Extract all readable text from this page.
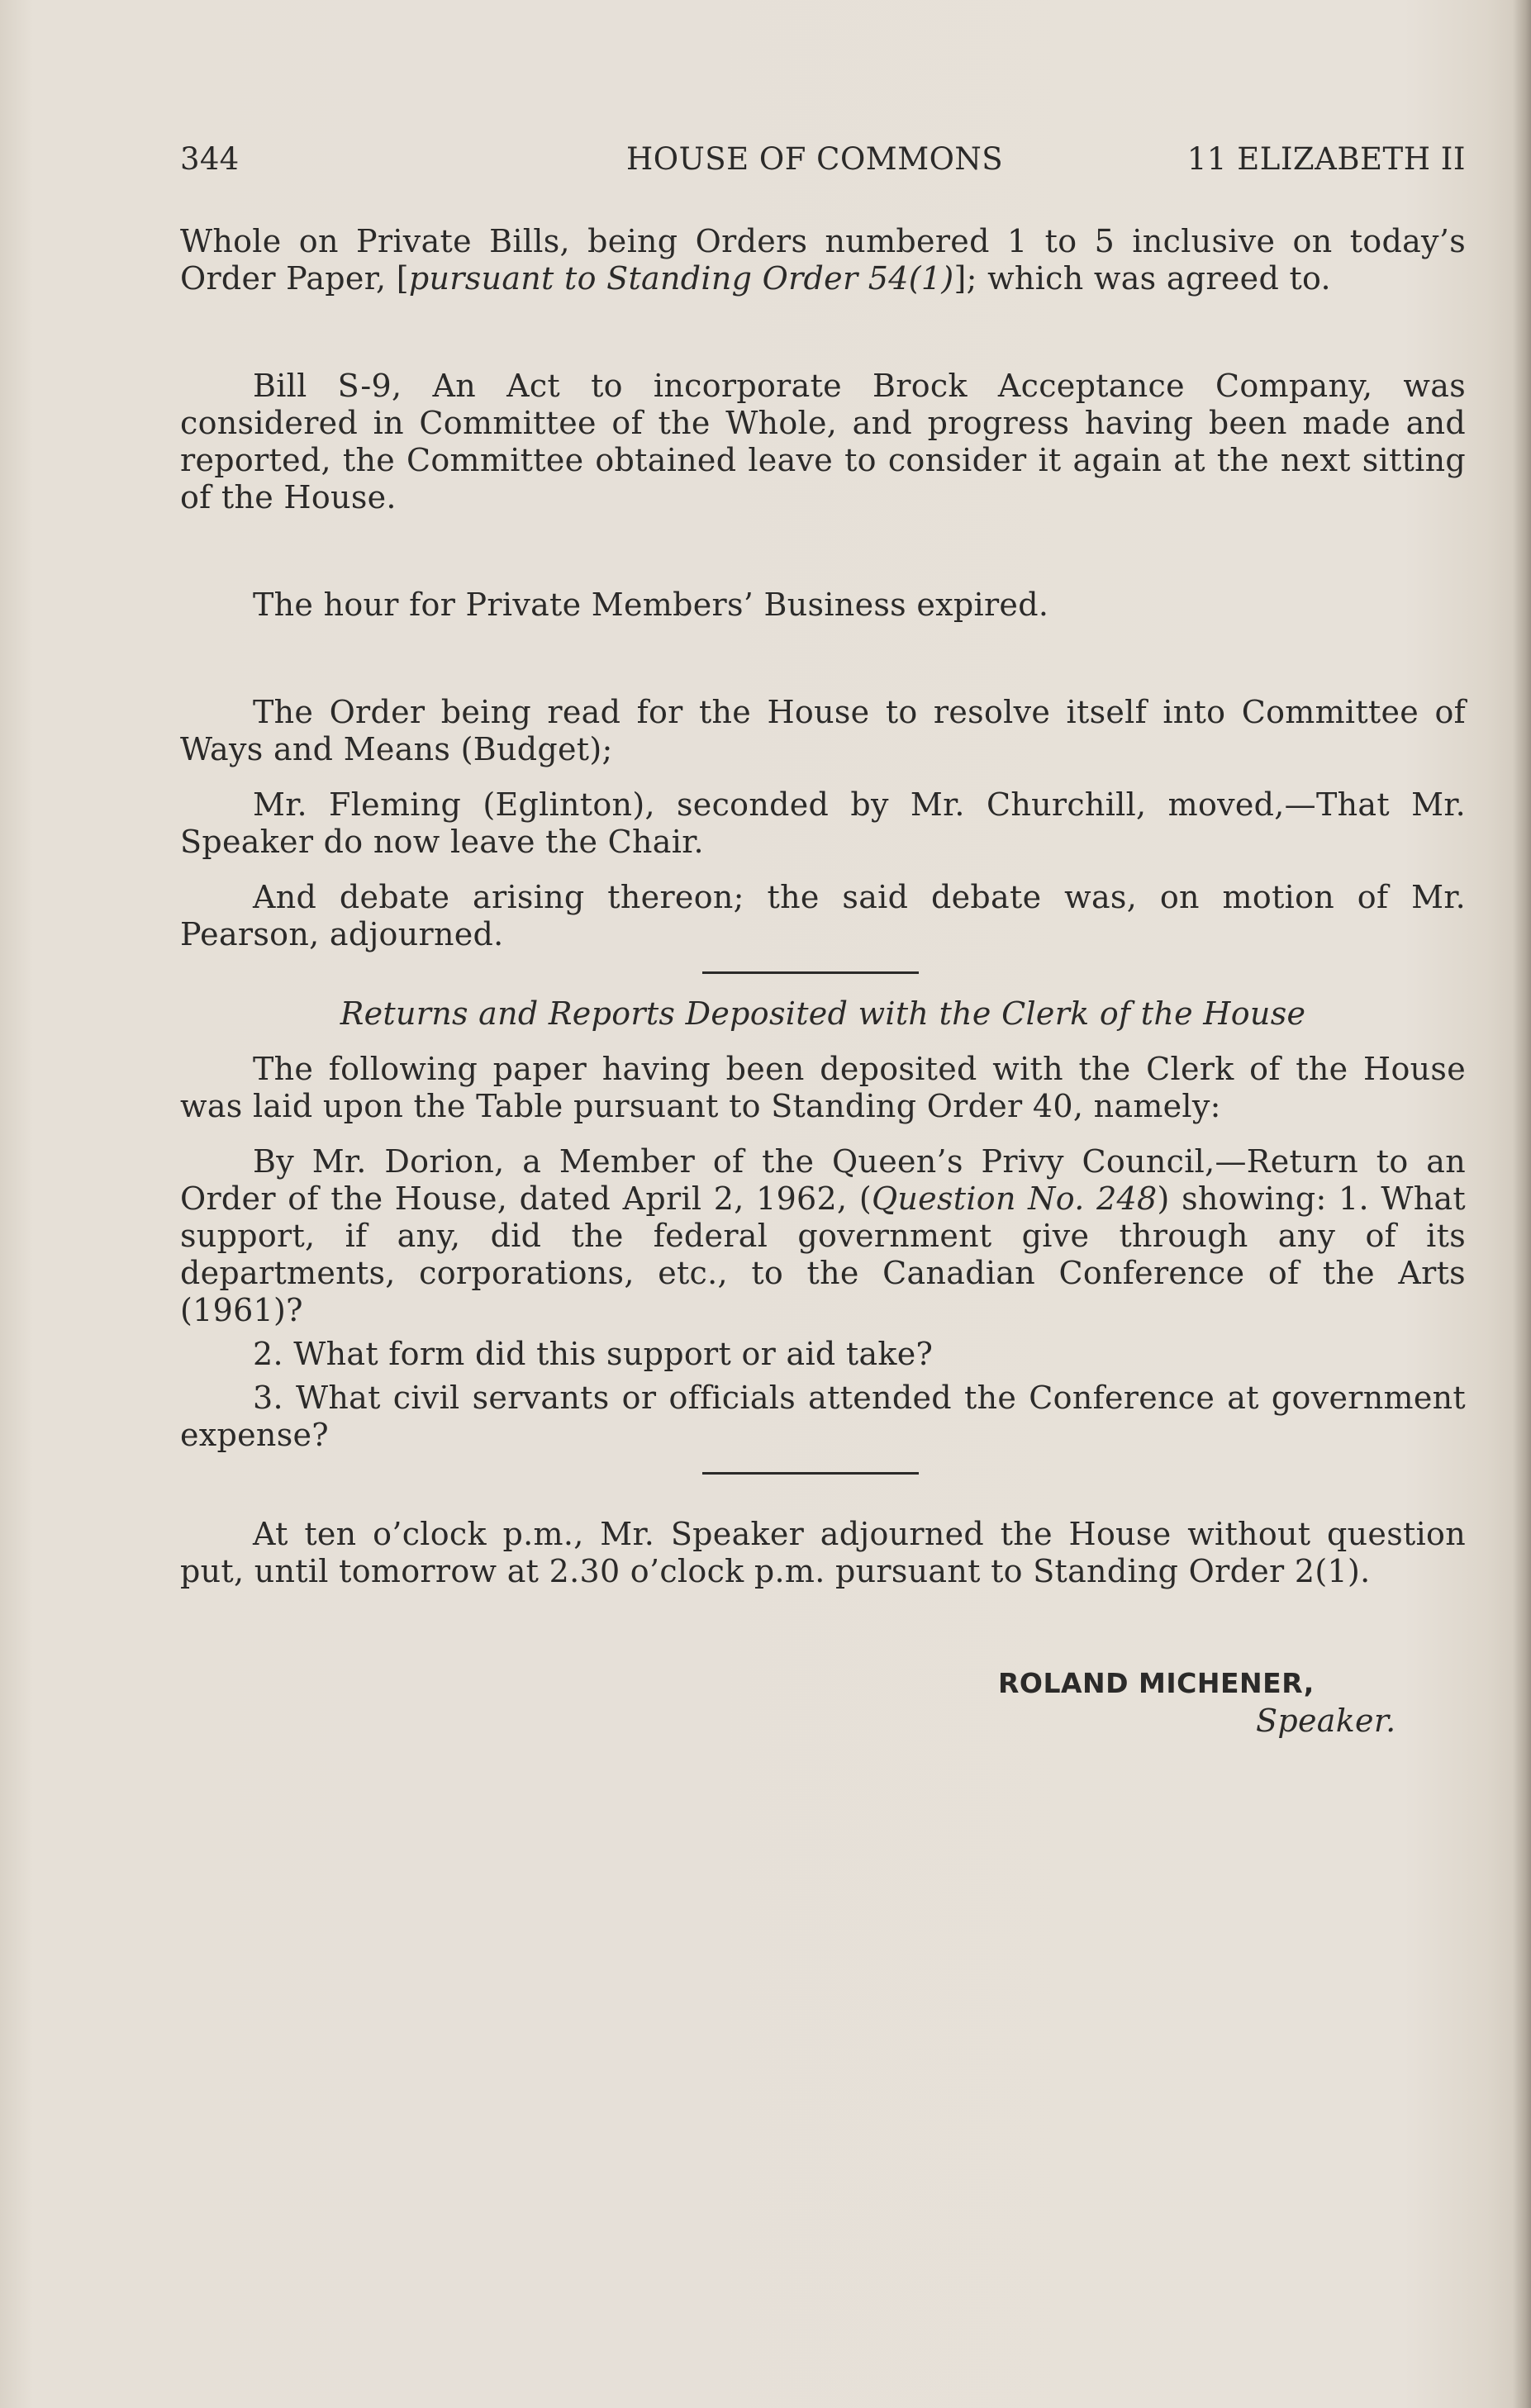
344	HOUSE OF COMMONS	11 ELIZABETH II

Whole on Private Bills, being Orders numbered 1 to 5 inclusive on today’s Order Paper, [pursuant to Standing Order 54(1)]; which was agreed to.

Bill S-9, An Act to incorporate Brock Acceptance Company, was considered in Committee of the Whole, and progress having been made and reported, the Committee obtained leave to consider it again at the next sitting of the House.

The hour for Private Members’ Business expired.

The Order being read for the House to resolve itself into Committee of Ways and Means (Budget);

Mr. Fleming (Eglinton), seconded by Mr. Churchill, moved,—That Mr. Speaker do now leave the Chair.

And debate arising thereon; the said debate was, on motion of Mr. Pearson, adjourned.

Returns and Reports Deposited with the Clerk of the House

The following paper having been deposited with the Clerk of the House was laid upon the Table pursuant to Standing Order 40, namely:

By Mr. Dorion, a Member of the Queen’s Privy Council,—Return to an Order of the House, dated April 2, 1962, (Question No. 248) showing: 1. What support, if any, did the federal government give through any of its departments, corporations, etc., to the Canadian Conference of the Arts (1961)?

2. What form did this support or aid take?

3. What civil servants or officials attended the Conference at government expense?

At ten o’clock p.m., Mr. Speaker adjourned the House without question put, until tomorrow at 2.30 o’clock p.m. pursuant to Standing Order 2(1).

ROLAND MICHENER,
Speaker.
